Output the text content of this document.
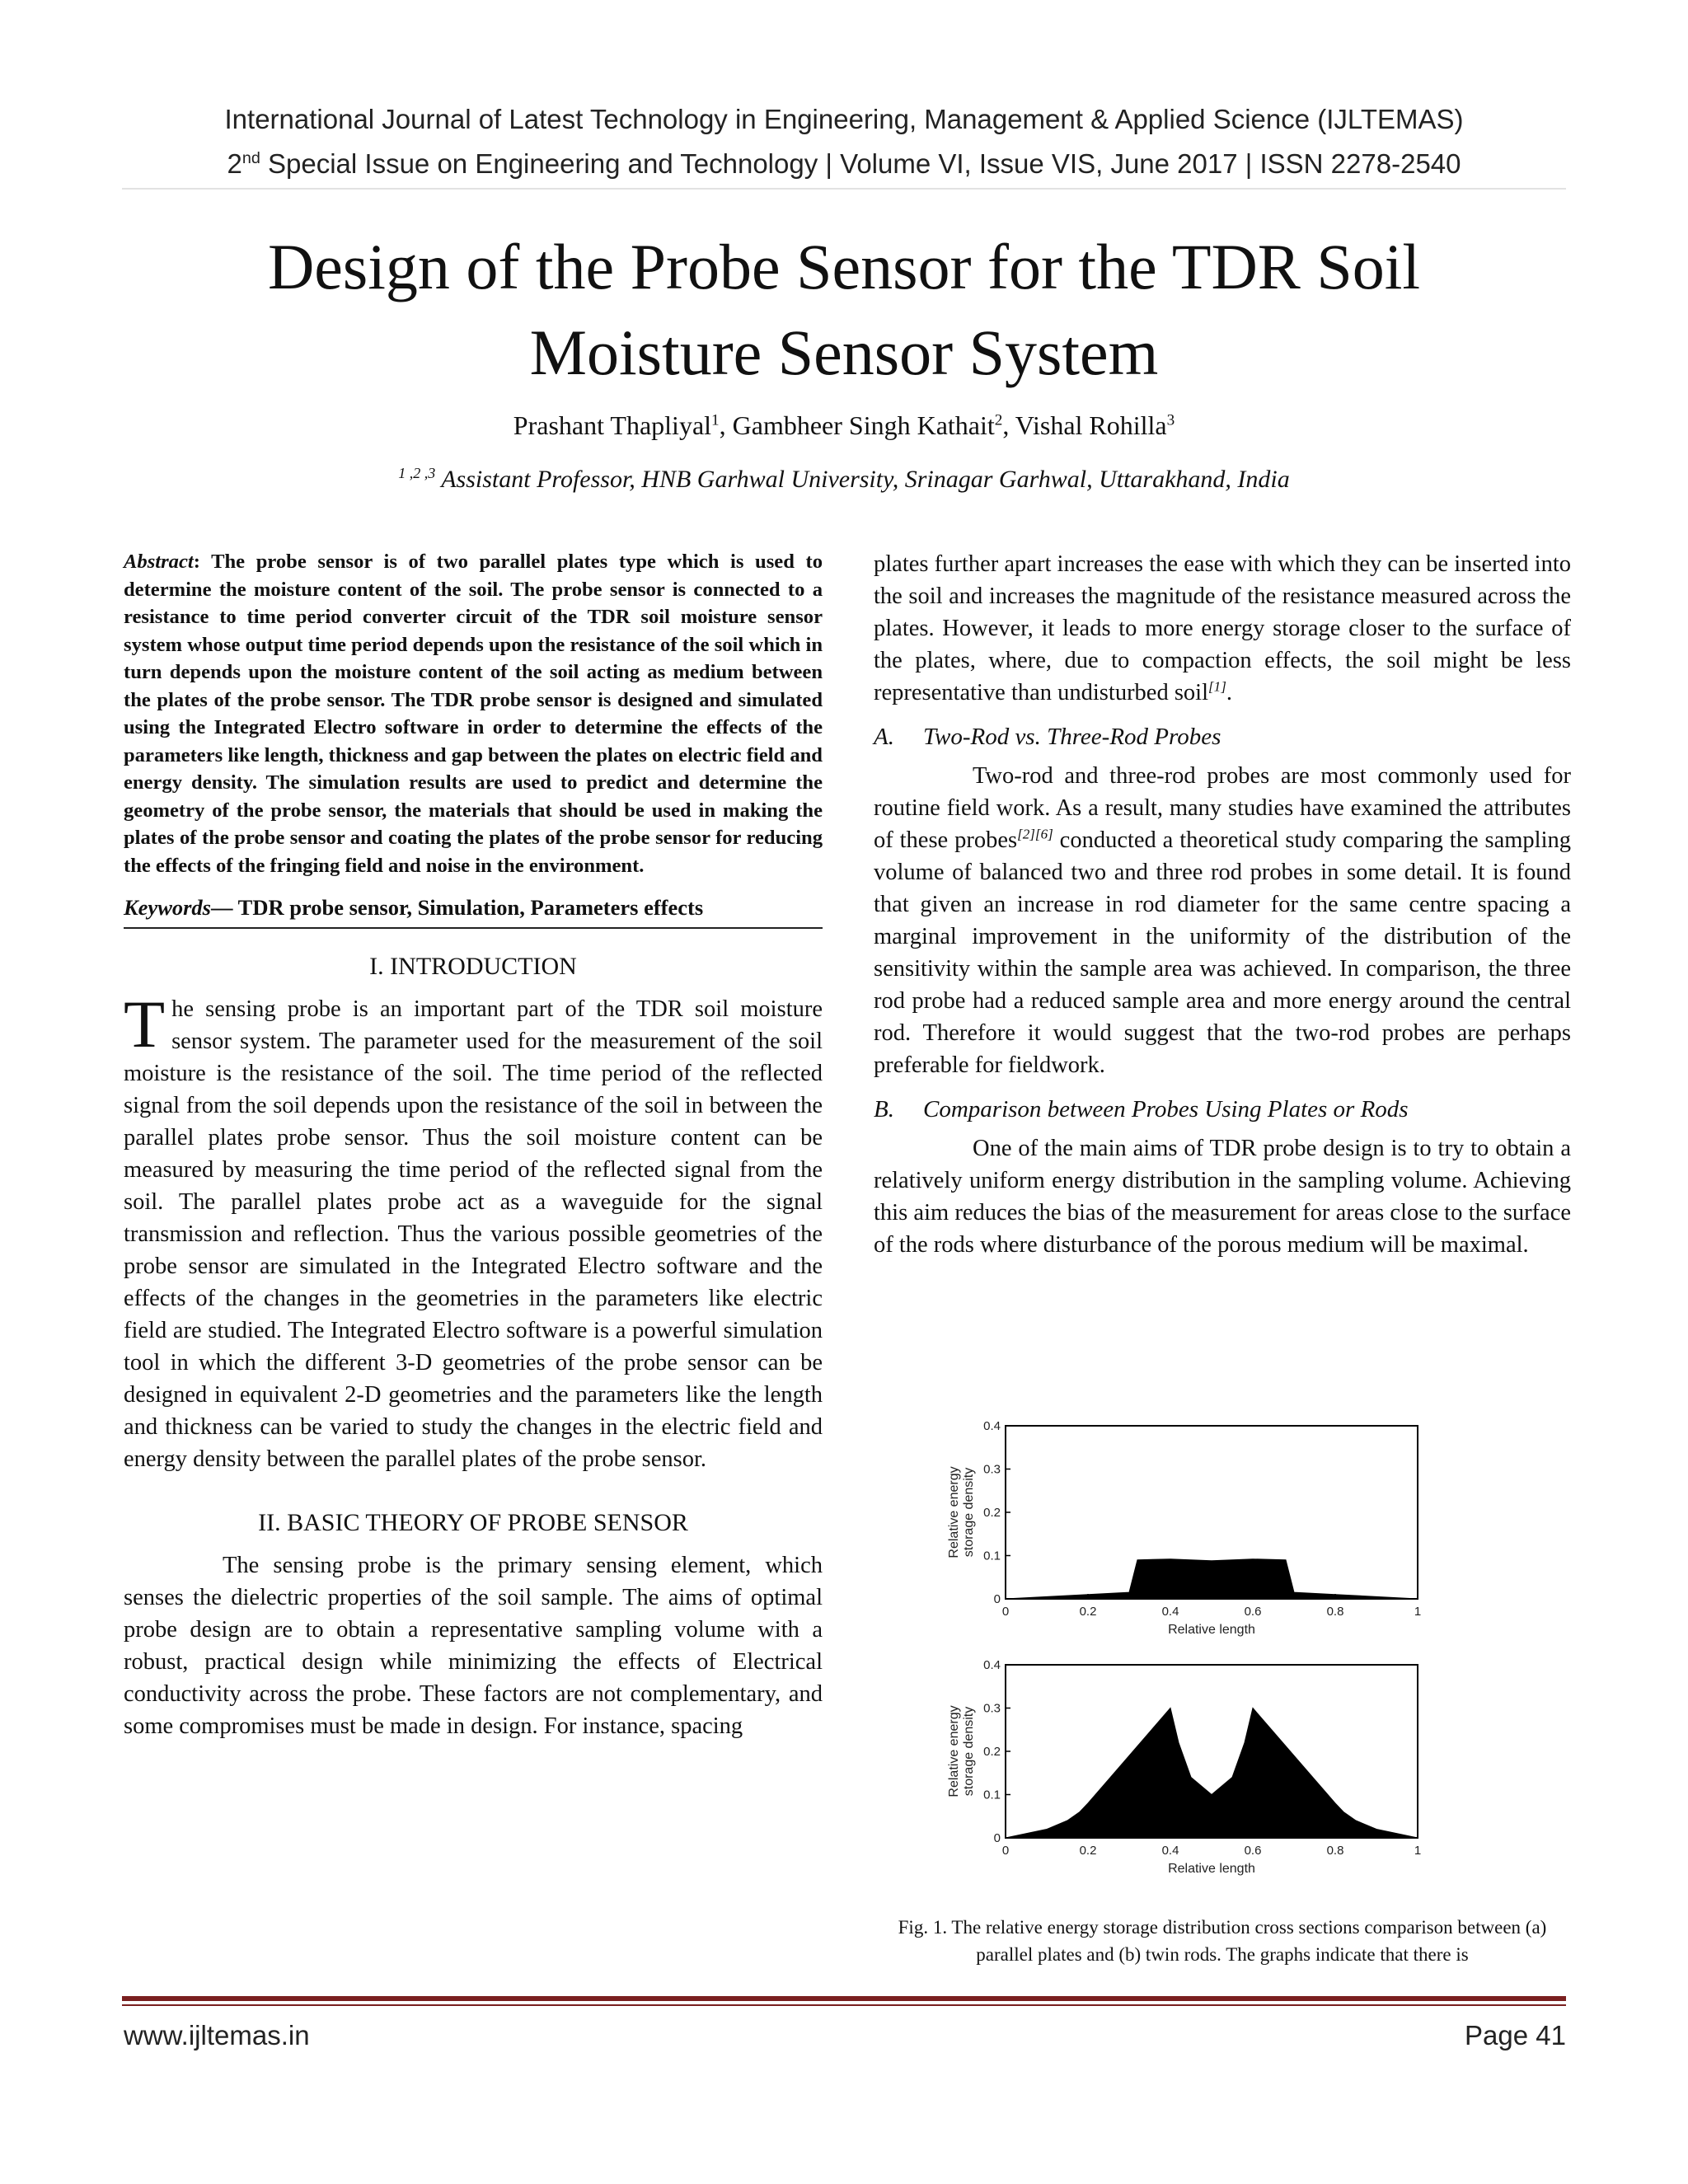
International Journal of Latest Technology in Engineering, Management & Applied Science (IJLTEMAS)
2nd Special Issue on Engineering and Technology | Volume VI, Issue VIS, June 2017 | ISSN 2278-2540
Design of the Probe Sensor for the TDR Soil
Moisture Sensor System
Prashant Thapliyal$^1$, Gambheer Singh Kathait$^2$, Vishal Rohilla$^3$
$^{1 ,2 ,3}$ Assistant Professor, HNB Garhwal University, Srinagar Garhwal, Uttarakhand, India

Abstract: The probe sensor is of two parallel plates type which is used to determine the moisture content of the soil. The probe sensor is connected to a resistance to time period converter circuit of the TDR soil moisture sensor system whose output time period depends upon the resistance of the soil which in turn depends upon the moisture content of the soil acting as medium between the plates of the probe sensor. The TDR probe sensor is designed and simulated using the Integrated Electro software in order to determine the effects of the parameters like length, thickness and gap between the plates on electric field and energy density. The simulation results are used to predict and determine the geometry of the probe sensor, the materials that should be used in making the plates of the probe sensor and coating the plates of the probe sensor for reducing the effects of the fringing field and noise in the environment.

Keywords— TDR probe sensor, Simulation, Parameters effects

I. INTRODUCTION

The sensing probe is an important part of the TDR soil moisture sensor system. The parameter used for the measurement of the soil moisture is the resistance of the soil. The time period of the reflected signal from the soil depends upon the resistance of the soil in between the parallel plates probe sensor. Thus the soil moisture content can be measured by measuring the time period of the reflected signal from the soil. The parallel plates probe act as a waveguide for the signal transmission and reflection. Thus the various possible geometries of the probe sensor are simulated in the Integrated Electro software and the effects of the changes in the geometries in the parameters like electric field are studied. The Integrated Electro software is a powerful simulation tool in which the different 3-D geometries of the probe sensor can be designed in equivalent 2-D geometries and the parameters like the length and thickness can be varied to study the changes in the electric field and energy density between the parallel plates of the probe sensor.

II. BASIC THEORY OF PROBE SENSOR

The sensing probe is the primary sensing element, which senses the dielectric properties of the soil sample. The aims of optimal probe design are to obtain a representative sampling volume with a robust, practical design while minimizing the effects of Electrical conductivity across the probe. These factors are not complementary, and some compromises must be made in design. For instance, spacing

plates further apart increases the ease with which they can be inserted into the soil and increases the magnitude of the resistance measured across the plates. However, it leads to more energy storage closer to the surface of the plates, where, due to compaction effects, the soil might be less representative than undisturbed soil[1].

A. Two-Rod vs. Three-Rod Probes

Two-rod and three-rod probes are most commonly used for routine field work. As a result, many studies have examined the attributes of these probes[2][6] conducted a theoretical study comparing the sampling volume of balanced two and three rod probes in some detail. It is found that given an increase in rod diameter for the same centre spacing a marginal improvement in the uniformity of the distribution of the sensitivity within the sample area was achieved. In comparison, the three rod probe had a reduced sample area and more energy around the central rod. Therefore it would suggest that the two-rod probes are perhaps preferable for fieldwork.

B. Comparison between Probes Using Plates or Rods

One of the main aims of TDR probe design is to try to obtain a relatively uniform energy distribution in the sampling volume. Achieving this aim reduces the bias of the measurement for areas close to the surface of the rods where disturbance of the porous medium will be maximal.

0	0.2	0.4	0.6	0.8	1
0
0.1
0.2
0.3
0.4
Relative length
Relative energystorage density
0	0.2	0.4	0.6	0.8	1
0
0.1
0.2
0.3
0.4
Relative length
Relative energystorage density
Fig. 1. The relative energy storage distribution cross sections comparison between (a) parallel plates and (b) twin rods. The graphs indicate that there is
www.ijltemas.in	Page 41
